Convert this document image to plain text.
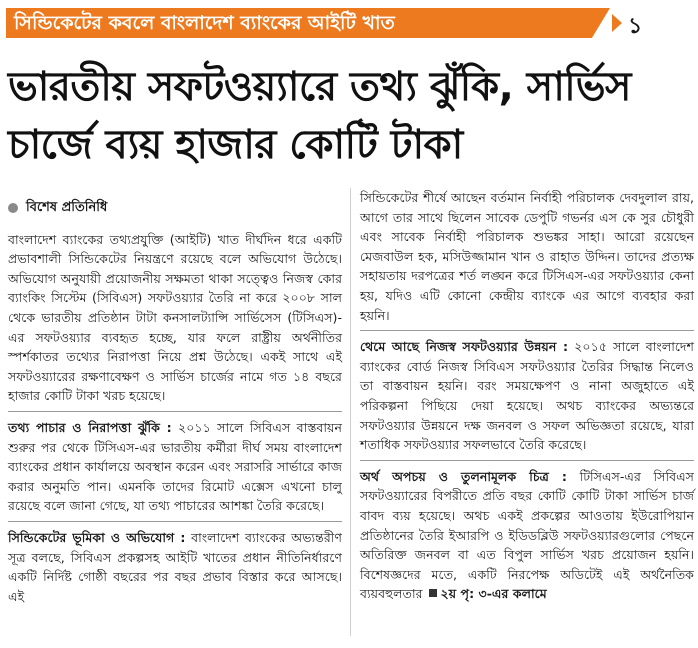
সিন্ডিকেটের কবলে বাংলাদেশ ব্যাংকের আইটি খাত	১
ভারতীয় সফটওয়্যারে তথ্য ঝুঁকি, সার্ভিস
চার্জে ব্যয় হাজার কোটি টাকা
বিশেষ প্রতিনিধি

বাংলাদেশ ব্যাংকের তথ্যপ্রযুক্তি (আইটি) খাত দীর্ঘদিন ধরে একটি প্রভাবশালী সিন্ডিকেটের নিয়ন্ত্রণে রয়েছে বলে অভিযোগ উঠেছে। অভিযোগ অনুযায়ী প্রয়োজনীয় সক্ষমতা থাকা সত্ত্বেও নিজস্ব কোর ব্যাংকিং সিস্টেম (সিবিএস) সফটওয়্যার তৈরি না করে ২০০৮ সাল থেকে ভারতীয় প্রতিষ্ঠান টাটা কনসালট্যান্সি সার্ভিসেস (টিসিএস)-এর সফটওয়্যার ব্যবহৃত হচ্ছে, যার ফলে রাষ্ট্রীয় অর্থনীতির স্পর্শকাতর তথ্যের নিরাপত্তা নিয়ে প্রশ্ন উঠেছে। একই সাথে এই সফটওয়্যারের রক্ষণাবেক্ষণ ও সার্ভিস চার্জের নামে গত ১৪ বছরে হাজার কোটি টাকা খরচ হয়েছে।

তথ্য পাচার ও নিরাপত্তা ঝুঁকি : ২০১১ সালে সিবিএস বাস্তবায়ন শুরুর পর থেকে টিসিএস-এর ভারতীয় কর্মীরা দীর্ঘ সময় বাংলাদেশ ব্যাংকের প্রধান কার্যালয়ে অবস্থান করেন এবং সরাসরি সার্ভারে কাজ করার অনুমতি পান। এমনকি তাদের রিমোট এক্সেস এখনো চালু রয়েছে বলে জানা গেছে, যা তথ্য পাচারের আশঙ্কা তৈরি করেছে।

সিন্ডিকেটের ভূমিকা ও অভিযোগ : বাংলাদেশ ব্যাংকের অভ্যন্তরীণ সূত্র বলছে, সিবিএস প্রকল্পসহ আইটি খাতের প্রধান নীতিনির্ধারণে একটি নির্দিষ্ট গোষ্ঠী বছরের পর বছর প্রভাব বিস্তার করে আসছে। এই

সিন্ডিকেটের শীর্ষে আছেন বর্তমান নির্বাহী পরিচালক দেবদুলাল রায়, আগে তার সাথে ছিলেন সাবেক ডেপুটি গভর্নর এস কে সুর চৌধুরী এবং সাবেক নির্বাহী পরিচালক শুভঙ্কর সাহা। আরো রয়েছেন মেজবাউল হক, মসিউজ্জামান খান ও রাহাত উদ্দিন। তাদের প্রত্যক্ষ সহায়তায় দরপত্রের শর্ত লঙ্ঘন করে টিসিএস-এর সফটওয়্যার কেনা হয়, যদিও এটি কোনো কেন্দ্রীয় ব্যাংকে এর আগে ব্যবহার করা হয়নি।

থেমে আছে নিজস্ব সফটওয়্যার উন্নয়ন : ২০১৫ সালে বাংলাদেশ ব্যাংকের বোর্ড নিজস্ব সিবিএস সফটওয়্যার তৈরির সিদ্ধান্ত নিলেও তা বাস্তবায়ন হয়নি। বরং সময়ক্ষেপণ ও নানা অজুহাতে এই পরিকল্পনা পিছিয়ে দেয়া হয়েছে। অথচ ব্যাংকের অভ্যন্তরে সফটওয়্যার উন্নয়নে দক্ষ জনবল ও সফল অভিজ্ঞতা রয়েছে, যারা শতাধিক সফটওয়্যার সফলভাবে তৈরি করেছে।

অর্থ অপচয় ও তুলনামূলক চিত্র : টিসিএস-এর সিবিএস সফটওয়্যারের বিপরীতে প্রতি বছর কোটি কোটি টাকা সার্ভিস চার্জ বাবদ ব্যয় হয়েছে। অথচ একই প্রকল্পের আওতায় ইউরোপিয়ান প্রতিষ্ঠানের তৈরি ইআরপি ও ইডিডব্লিউ সফটওয়্যারগুলোর পেছনে অতিরিক্ত জনবল বা এত বিপুল সার্ভিস খরচ প্রয়োজন হয়নি। বিশেষজ্ঞদের মতে, একটি নিরপেক্ষ অডিটেই এই অর্থনৈতিক ব্যয়বহুলতার ২য় পৃ: ৩-এর কলামে
